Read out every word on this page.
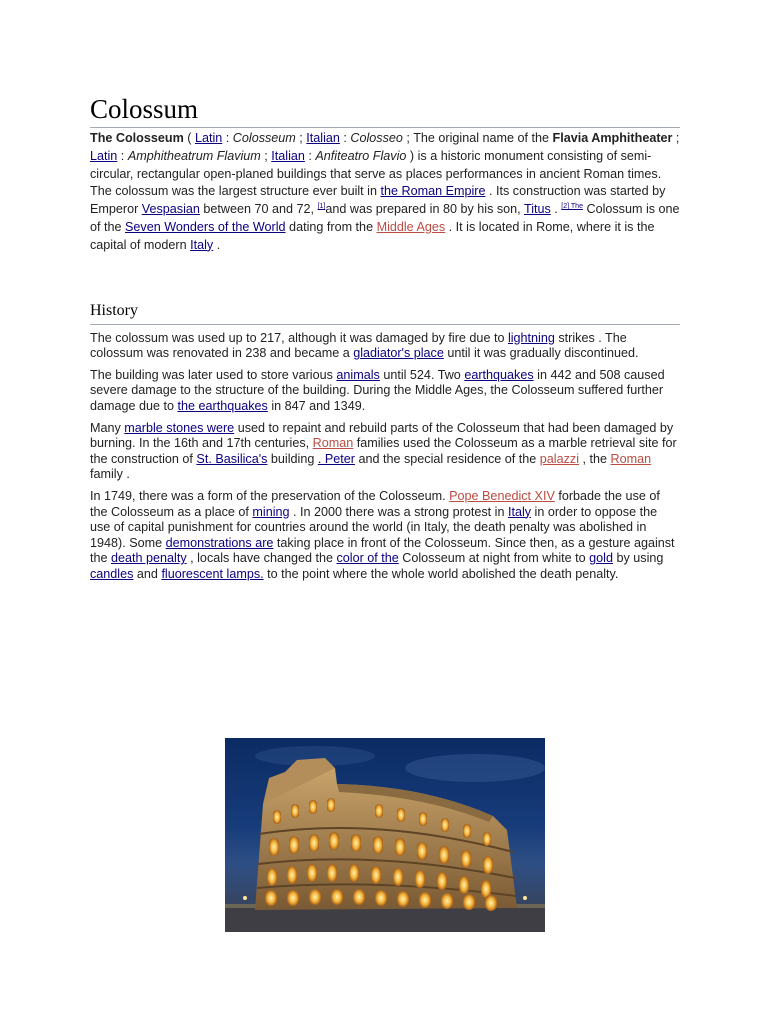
Colossum

The Colosseum ( Latin : Colosseum ; Italian : Colosseo ; The original name of the Flavia Amphitheater ; Latin : Amphitheatrum Flavium ; Italian : Anfiteatro Flavio ) is a historic monument consisting of semi-circular, rectangular open-planed buildings that serve as places performances in ancient Roman times. The colossum was the largest structure ever built in the Roman Empire . Its construction was started by Emperor Vespasian between 70 and 72, [1]and was prepared in 80 by his son, Titus . $^{[2] The}$ Colossum is one of the Seven Wonders of the World dating from the Middle Ages . It is located in Rome, where it is the capital of modern Italy .

History

The colossum was used up to 217, although it was damaged by fire due to lightning strikes . The colossum was renovated in 238 and became a gladiator's place until it was gradually discontinued.

The building was later used to store various animals until 524. Two earthquakes in 442 and 508 caused severe damage to the structure of the building. During the Middle Ages, the Colosseum suffered further damage due to the earthquakes in 847 and 1349.

Many marble stones were used to repaint and rebuild parts of the Colosseum that had been damaged by burning. In the 16th and 17th centuries, Roman families used the Colosseum as a marble retrieval site for the construction of St. Basilica's building . Peter and the special residence of the palazzi , the Roman family .

In 1749, there was a form of the preservation of the Colosseum. Pope Benedict XIV forbade the use of the Colosseum as a place of mining . In 2000 there was a strong protest in Italy in order to oppose the use of capital punishment for countries around the world (in Italy, the death penalty was abolished in 1948). Some demonstrations are taking place in front of the Colosseum. Since then, as a gesture against the death penalty , locals have changed the color of the Colosseum at night from white to gold by using candles and fluorescent lamps. to the point where the whole world abolished the death penalty.
